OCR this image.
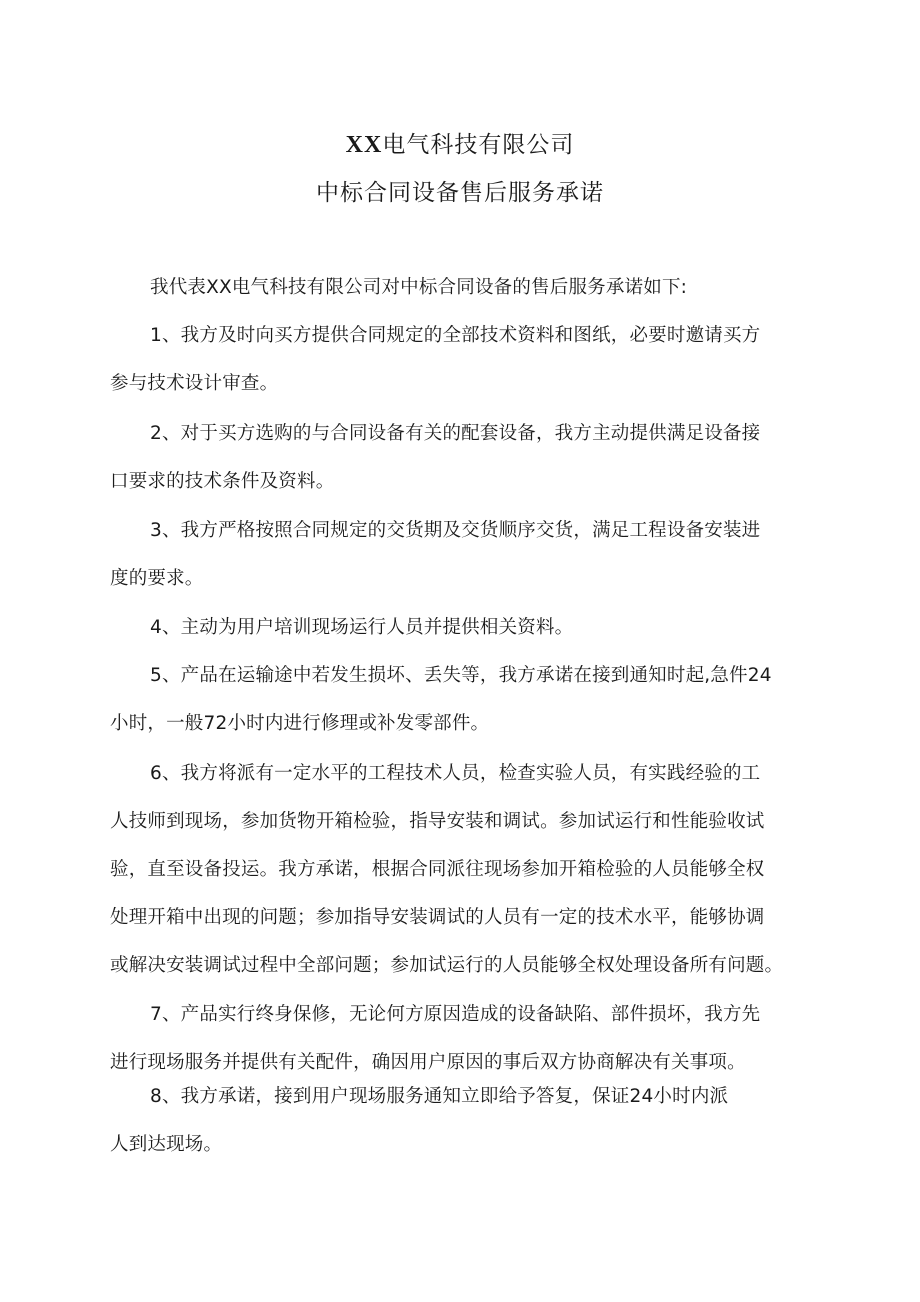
XX电气科技有限公司
中标合同设备售后服务承诺
我代表XX电气科技有限公司对中标合同设备的售后服务承诺如下:
1、我方及时向买方提供合同规定的全部技术资料和图纸，必要时邀请买方
参与技术设计审查。
2、对于买方选购的与合同设备有关的配套设备，我方主动提供满足设备接
口要求的技术条件及资料。
3、我方严格按照合同规定的交货期及交货顺序交货，满足工程设备安装进
度的要求。
4、主动为用户培训现场运行人员并提供相关资料。
5、产品在运输途中若发生损坏、丢失等，我方承诺在接到通知时起,急件24
小时，一般72小时内进行修理或补发零部件。
6、我方将派有一定水平的工程技术人员，检查实验人员，有实践经验的工
人技师到现场，参加货物开箱检验，指导安装和调试。参加试运行和性能验收试
验，直至设备投运。我方承诺，根据合同派往现场参加开箱检验的人员能够全权
处理开箱中出现的问题；参加指导安装调试的人员有一定的技术水平，能够协调
或解决安装调试过程中全部问题；参加试运行的人员能够全权处理设备所有问题。
7、产品实行终身保修，无论何方原因造成的设备缺陷、部件损坏，我方先
进行现场服务并提供有关配件，确因用户原因的事后双方协商解决有关事项。
8、我方承诺，接到用户现场服务通知立即给予答复，保证24小时内派
人到达现场。
